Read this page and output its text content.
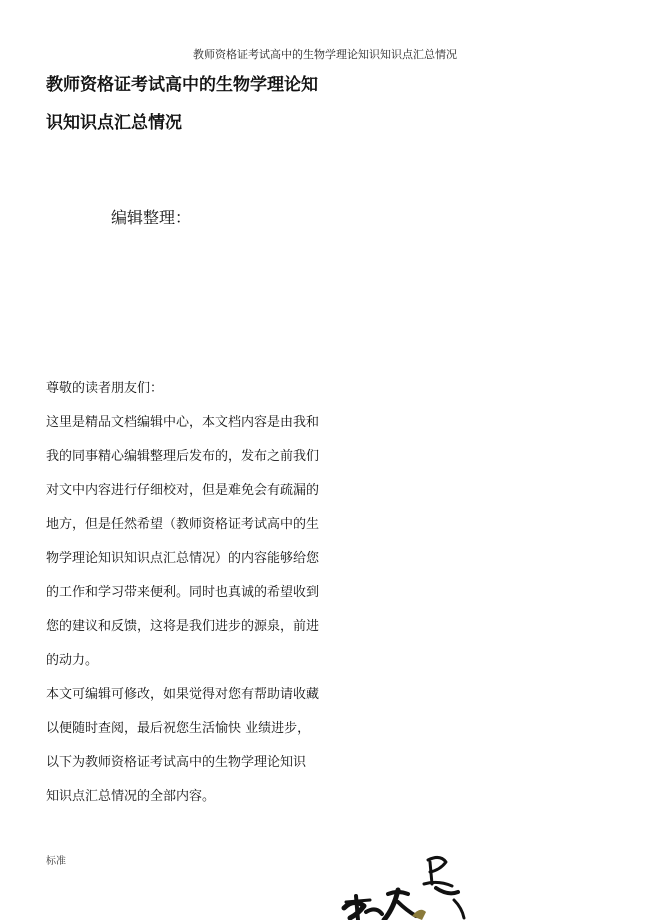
教师资格证考试高中的生物学理论知识知识点汇总情况
教师资格证考试高中的生物学理论知
识知识点汇总情况
编辑整理：

尊敬的读者朋友们：

这里是精品文档编辑中心，本文档内容是由我和

我的同事精心编辑整理后发布的，发布之前我们

对文中内容进行仔细校对，但是难免会有疏漏的

地方，但是任然希望（教师资格证考试高中的生

物学理论知识知识点汇总情况）的内容能够给您

的工作和学习带来便利。同时也真诚的希望收到

您的建议和反馈，这将是我们进步的源泉，前进

的动力。

本文可编辑可修改，如果觉得对您有帮助请收藏

以便随时查阅，最后祝您生活愉快 业绩进步，

以下为教师资格证考试高中的生物学理论知识

知识点汇总情况的全部内容。

标准
